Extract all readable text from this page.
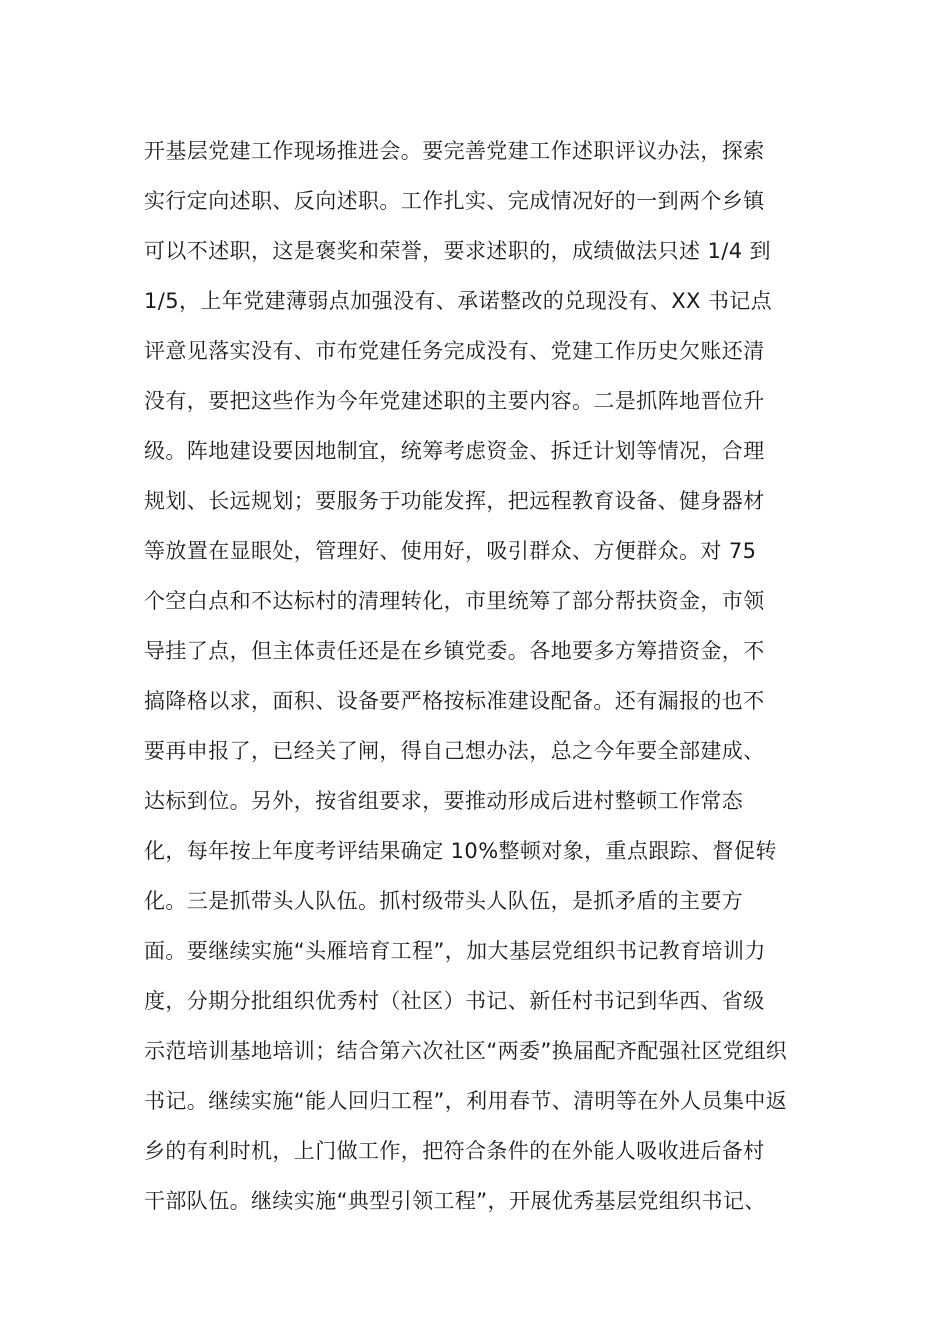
开基层党建工作现场推进会。要完善党建工作述职评议办法，探索
实行定向述职、反向述职。工作扎实、完成情况好的一到两个乡镇
可以不述职，这是褒奖和荣誉，要求述职的，成绩做法只述 1/4 到
1/5，上年党建薄弱点加强没有、承诺整改的兑现没有、XX 书记点
评意见落实没有、市布党建任务完成没有、党建工作历史欠账还清
没有，要把这些作为今年党建述职的主要内容。二是抓阵地晋位升
级。阵地建设要因地制宜，统筹考虑资金、拆迁计划等情况，合理
规划、长远规划；要服务于功能发挥，把远程教育设备、健身器材
等放置在显眼处，管理好、使用好，吸引群众、方便群众。对 75
个空白点和不达标村的清理转化，市里统筹了部分帮扶资金，市领
导挂了点，但主体责任还是在乡镇党委。各地要多方筹措资金，不
搞降格以求，面积、设备要严格按标准建设配备。还有漏报的也不
要再申报了，已经关了闸，得自己想办法，总之今年要全部建成、
达标到位。另外，按省组要求，要推动形成后进村整顿工作常态
化，每年按上年度考评结果确定 10%整顿对象，重点跟踪、督促转
化。三是抓带头人队伍。抓村级带头人队伍，是抓矛盾的主要方
面。要继续实施“头雁培育工程”，加大基层党组织书记教育培训力
度，分期分批组织优秀村（社区）书记、新任村书记到华西、省级
示范培训基地培训；结合第六次社区“两委”换届配齐配强社区党组织
书记。继续实施“能人回归工程”，利用春节、清明等在外人员集中返
乡的有利时机，上门做工作，把符合条件的在外能人吸收进后备村
干部队伍。继续实施“典型引领工程”，开展优秀基层党组织书记、
